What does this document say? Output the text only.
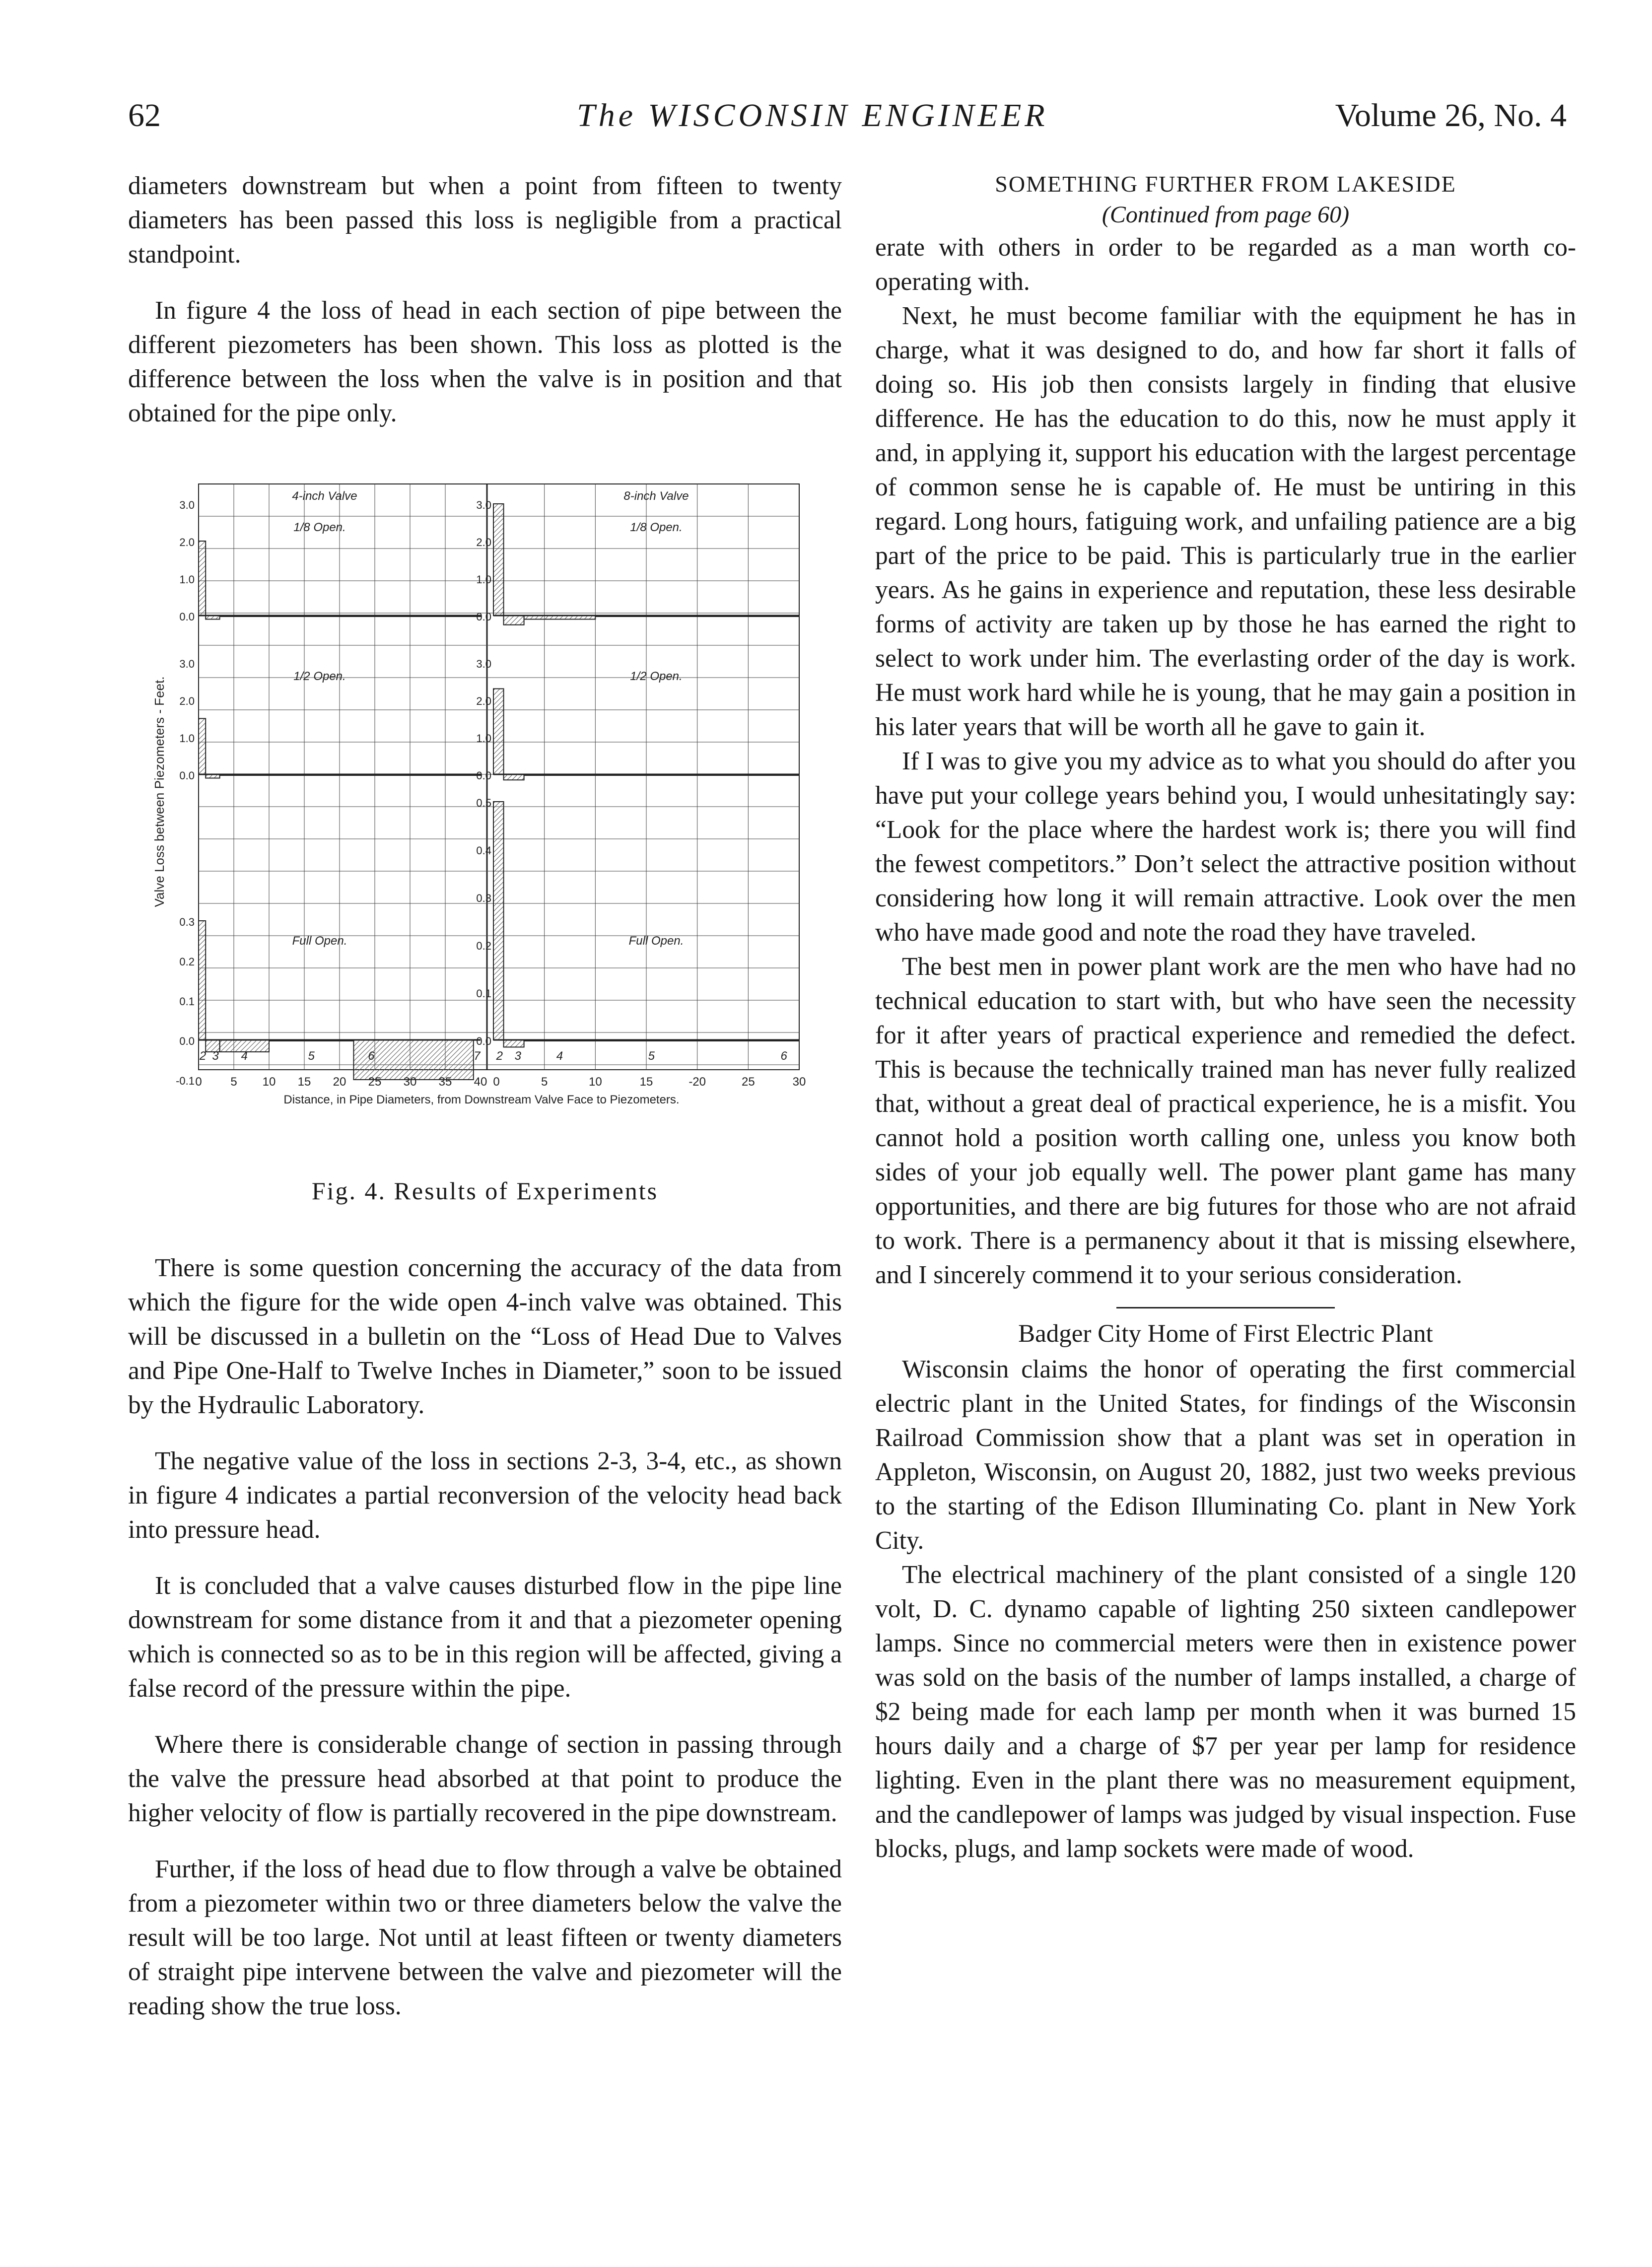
62	The WISCONSIN ENGINEER	Volume 26, No. 4

diameters downstream but when a point from fifteen to twenty diameters has been passed this loss is negligible from a practical standpoint.

In figure 4 the loss of head in each section of pipe between the different piezometers has been shown. This loss as plotted is the difference between the loss when the valve is in position and that obtained for the pipe only.

3.0
2.0
1.0
0.0
4-inch Valve
1/8 Open.
3.0
2.0
1.0
0.0
8-inch Valve
1/8 Open.
3.0
2.0
1.0
0.0
1/2 Open.
3.0
2.0
1.0
0.0
1/2 Open.
0.3
0.2
0.1
0.0
-0.1
Full Open.
0.5
0.4
0.3
0.2
0.1
0.0
Full Open.
2 3 4	5	6	7 2 3	4	5	6
0 5 10 15 20 25 30 35 40 0	5	10	15	-20	25	30
Distance, in Pipe Diameters, from Downstream Valve Face to Piezometers.
Valve Loss between Piezometers - Feet.
Fig. 4. Results of Experiments

There is some question concerning the accuracy of the data from which the figure for the wide open 4-inch valve was obtained. This will be discussed in a bulletin on the “Loss of Head Due to Valves and Pipe One-Half to Twelve Inches in Diameter,” soon to be issued by the Hydraulic Laboratory.

The negative value of the loss in sections 2-3, 3-4, etc., as shown in figure 4 indicates a partial reconversion of the velocity head back into pressure head.

It is concluded that a valve causes disturbed flow in the pipe line downstream for some distance from it and that a piezometer opening which is connected so as to be in this region will be affected, giving a false record of the pressure within the pipe.

Where there is considerable change of section in passing through the valve the pressure head absorbed at that point to produce the higher velocity of flow is partially recovered in the pipe downstream.

Further, if the loss of head due to flow through a valve be obtained from a piezometer within two or three diameters below the valve the result will be too large. Not until at least fifteen or twenty diameters of straight pipe intervene between the valve and piezometer will the reading show the true loss.

SOMETHING FURTHER FROM LAKESIDE

(Continued from page 60)

erate with others in order to be regarded as a man worth co-operating with.

Next, he must become familiar with the equipment he has in charge, what it was designed to do, and how far short it falls of doing so. His job then consists largely in finding that elusive difference. He has the education to do this, now he must apply it and, in applying it, support his education with the largest percentage of common sense he is capable of. He must be untiring in this regard. Long hours, fatiguing work, and unfailing patience are a big part of the price to be paid. This is particularly true in the earlier years. As he gains in experience and reputation, these less desirable forms of activity are taken up by those he has earned the right to select to work under him. The everlasting order of the day is work. He must work hard while he is young, that he may gain a position in his later years that will be worth all he gave to gain it.

If I was to give you my advice as to what you should do after you have put your college years behind you, I would unhesitatingly say: “Look for the place where the hardest work is; there you will find the fewest competitors.” Don’t select the attractive position without considering how long it will remain attractive. Look over the men who have made good and note the road they have traveled.

The best men in power plant work are the men who have had no technical education to start with, but who have seen the necessity for it after years of practical experience and remedied the defect. This is because the technically trained man has never fully realized that, without a great deal of practical experience, he is a misfit. You cannot hold a position worth calling one, unless you know both sides of your job equally well. The power plant game has many opportunities, and there are big futures for those who are not afraid to work. There is a permanency about it that is missing elsewhere, and I sincerely commend it to your serious consideration.

Badger City Home of First Electric Plant

Wisconsin claims the honor of operating the first commercial electric plant in the United States, for findings of the Wisconsin Railroad Commission show that a plant was set in operation in Appleton, Wisconsin, on August 20, 1882, just two weeks previous to the starting of the Edison Illuminating Co. plant in New York City.

The electrical machinery of the plant consisted of a single 120 volt, D. C. dynamo capable of lighting 250 sixteen candlepower lamps. Since no commercial meters were then in existence power was sold on the basis of the number of lamps installed, a charge of $2 being made for each lamp per month when it was burned 15 hours daily and a charge of $7 per year per lamp for residence lighting. Even in the plant there was no measurement equipment, and the candlepower of lamps was judged by visual inspection. Fuse blocks, plugs, and lamp sockets were made of wood.
